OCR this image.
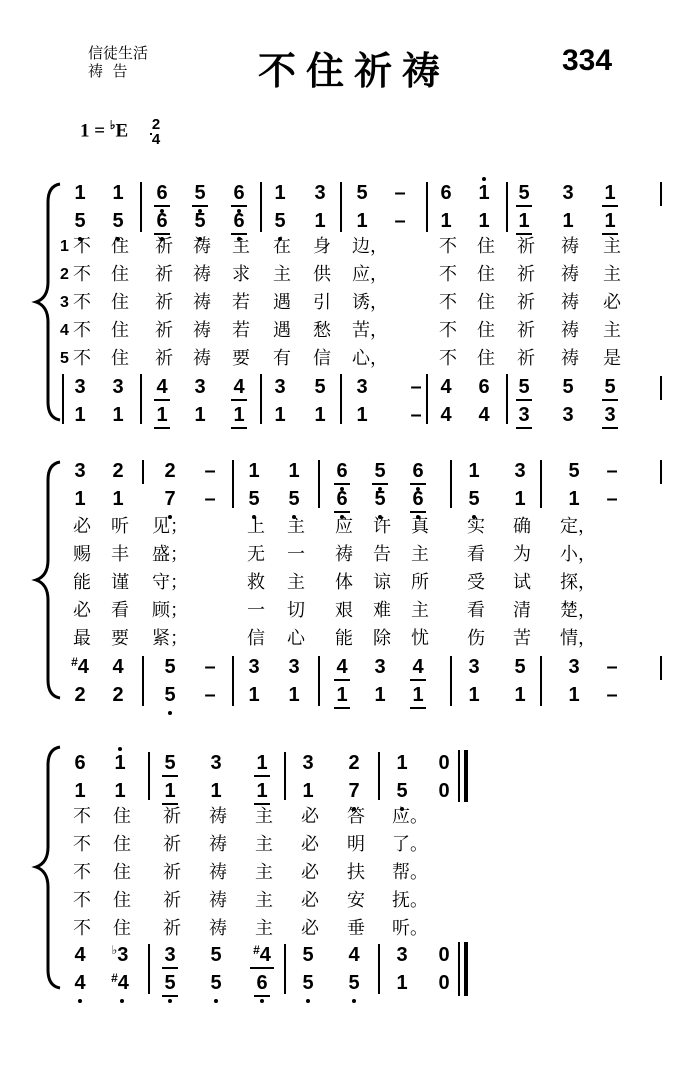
信徒生活
祷  告	不住祈祷	334
1 = ♭E 2
4
1 1 6 5 6 1 3 5 – 6 1 5 3 1
5 5 6 5 6 5 1 1 – 1 1 1 1 1
1
2
3
4
5
不 住 祈 祷 主 在 身 边，	不 住 祈 祷 主
不 住 祈 祷 求 主 供 应，	不 住 祈 祷 主
不 住 祈 祷 若 遇 引 诱，	不 住 祈 祷 必
不 住 祈 祷 若 遇 愁 苦，	不 住 祈 祷 主
不 住 祈 祷 要 有 信 心，	不 住 祈 祷 是
3 3 4 3 4 3 5 3 – 4 6 5 5 5
1 1 1 1 1 1 1 1 – 4 4 3 3 3
3 2 2 – 1 1 6 5 6 1 3 5 –
1 1 7 – 5 5 6 5 6 5 1 1 –
必 听 见；	上 主 应 许 真 实 确 定，
赐 丰 盛；	无 一 祷 告 主 看 为 小，
能 谨 守；	救 主 体 谅 所 受 试 探，
必 看 顾；	一 切 艰 难 主 看 清 楚，
最 要 紧；	信 心 能 除 忧 伤 苦 情，
#4 4 5 – 3 3 4 3 4 3 5 3 –
2 2 5 – 1 1 1 1 1 1 1 1 –
6 1 5 3 1 3 2 1 0
1 1 1 1 1 1 7 5 0
不 住 祈 祷 主 必 答 应。
不 住 祈 祷 主 必 明 了。
不 住 祈 祷 主 必 扶 帮。
不 住 祈 祷 主 必 安 抚。
不 住 祈 祷 主 必 垂 听。
4	♭3 3 5	#4 5 4 3 0
4	#4 5 5 6 5 5 1 0
